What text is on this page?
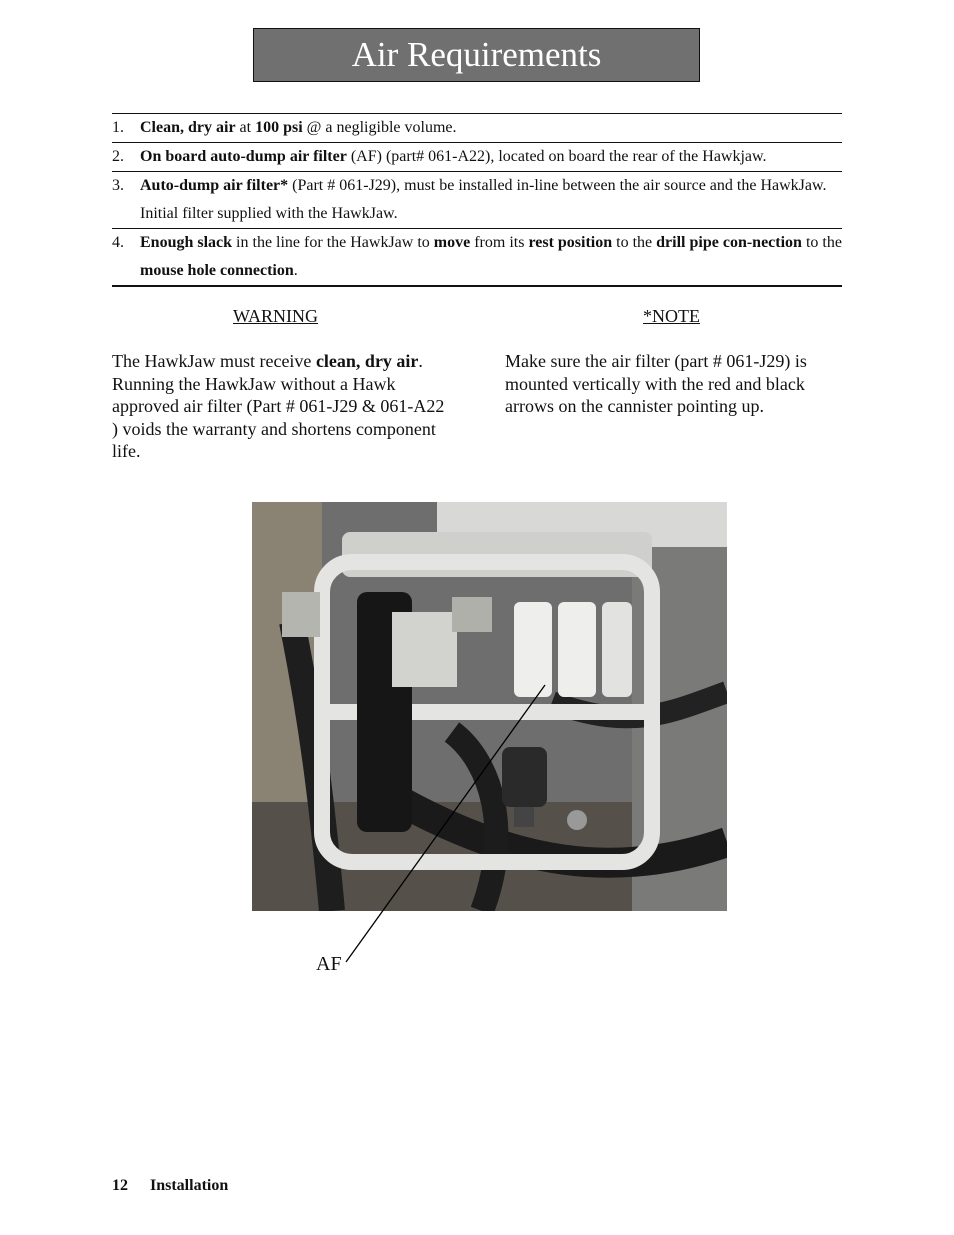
Air Requirements
1.	Clean, dry air at 100 psi @ a negligible volume.
2.	On board auto-dump air filter (AF) (part# 061-A22), located on board the rear of the Hawkjaw.
3.	Auto-dump air filter* (Part # 061-J29), must be installed in-line between the air source and the HawkJaw. Initial filter supplied with the HawkJaw.
4.	Enough slack in the line for the HawkJaw to move from its rest position to the drill pipe con-nection to the mouse hole connection.
WARNING	*NOTE
The HawkJaw must receive clean, dry air. Running the HawkJaw without a Hawk approved air filter (Part # 061-J29 & 061-A22 ) voids the warranty and shortens component life.
Make sure the air filter (part # 061-J29) is mounted vertically with the red and black arrows on the cannister pointing up.
AF
12 Installation
